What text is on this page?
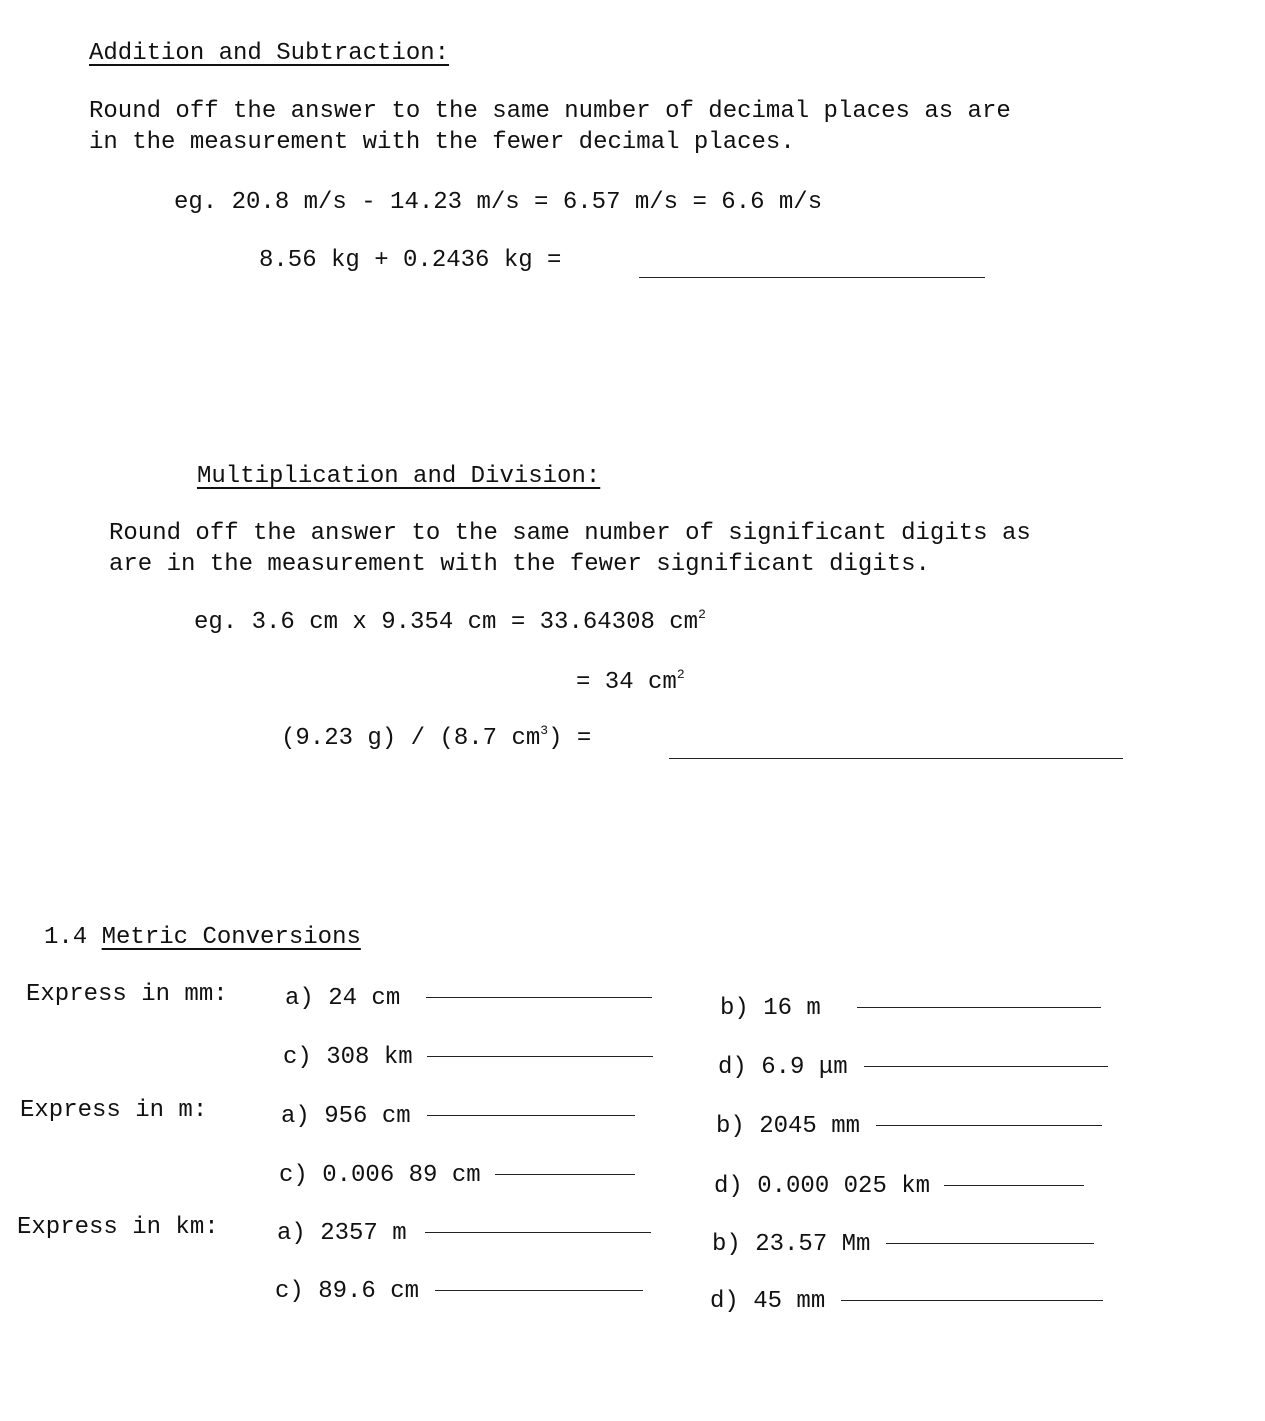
Addition and Subtraction:
Round off the answer to the same number of decimal places as are
in the measurement with the fewer decimal places.
eg. 20.8 m/s - 14.23 m/s = 6.57 m/s = 6.6 m/s
8.56 kg + 0.2436 kg =
Multiplication and Division:
Round off the answer to the same number of significant digits as
are in the measurement with the fewer significant digits.
eg. 3.6 cm x 9.354 cm = 33.64308 $cm^2$
= 34 $cm^2$
(9.23 g) / (8.7 $cm^3$) =
1.4 Metric Conversions
Express in mm: a) 24 cm	b) 16 m
c) 308 km	d) 6.9 μm
Express in m:	a) 956 cm	b) 2045 mm
c) 0.006 89 cm	d) 0.000 025 km
Express in km: a) 2357 m	b) 23.57 Mm
c) 89.6 cm	d) 45 mm
